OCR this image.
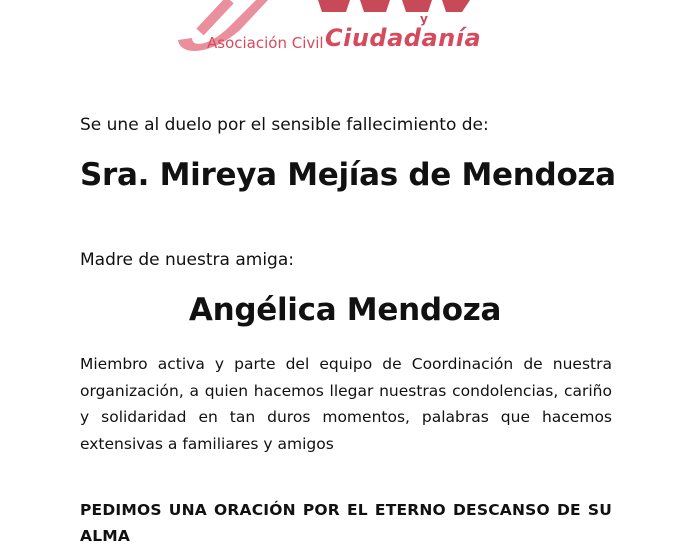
y
Asociación Civil Ciudadanía
Se une al duelo por el sensible fallecimiento de:
Sra. Mireya Mejías de Mendoza
Madre de nuestra amiga:
Angélica Mendoza
Miembro activa y parte del equipo de Coordinación de nuestra organización, a quien hacemos llegar nuestras condolencias, cariño y solidaridad en tan duros momentos, palabras que hacemos extensivas a familiares y amigos
PEDIMOS UNA ORACIÓN POR EL ETERNO DESCANSO DE SU ALMA
